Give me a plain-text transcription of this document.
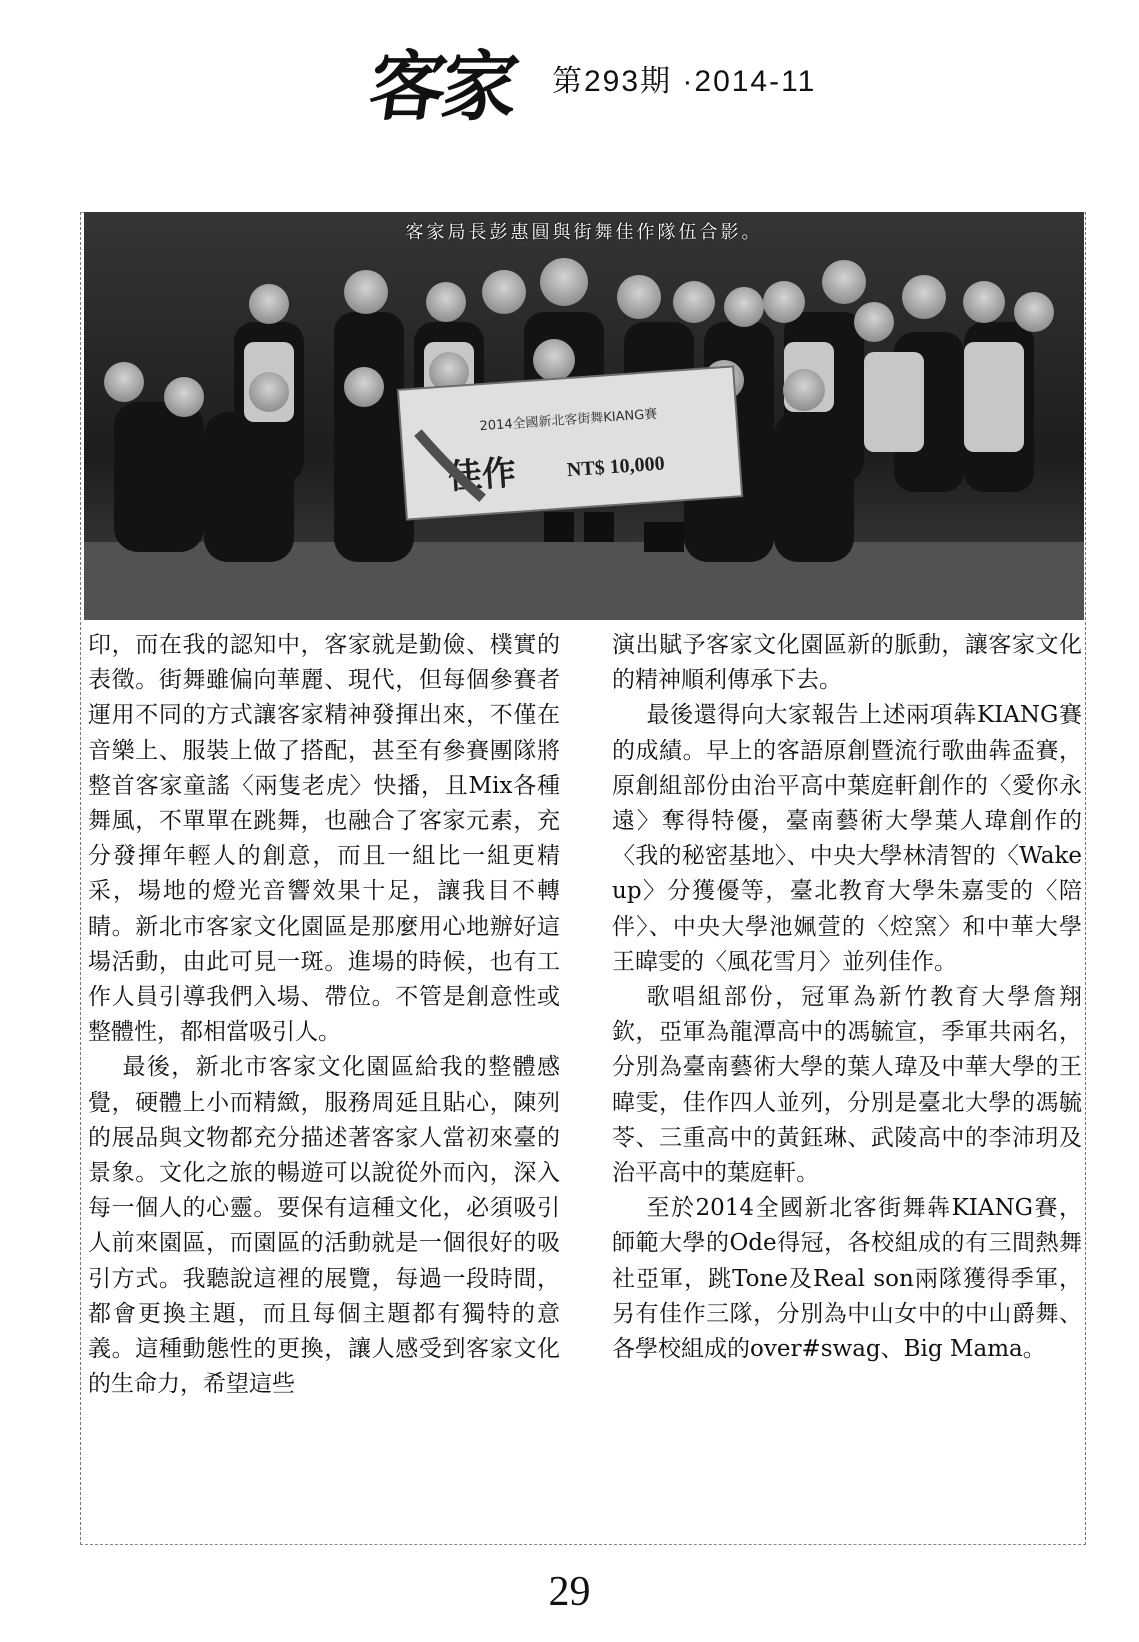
客家 第293期 ·2014-11
2014全國新北客街舞KIANG賽
佳作 NT$ 10,000
客家局長彭惠圓與街舞佳作隊伍合影。

印，而在我的認知中，客家就是勤儉、樸實的表徵。街舞雖偏向華麗、現代，但每個參賽者運用不同的方式讓客家精神發揮出來，不僅在音樂上、服裝上做了搭配，甚至有參賽團隊將整首客家童謠〈兩隻老虎〉快播，且Mix各種舞風，不單單在跳舞，也融合了客家元素，充分發揮年輕人的創意，而且一組比一組更精采，場地的燈光音響效果十足，讓我目不轉睛。新北市客家文化園區是那麼用心地辦好這場活動，由此可見一斑。進場的時候，也有工作人員引導我們入場、帶位。不管是創意性或整體性，都相當吸引人。

最後，新北市客家文化園區給我的整體感覺，硬體上小而精緻，服務周延且貼心，陳列的展品與文物都充分描述著客家人當初來臺的景象。文化之旅的暢遊可以說從外而內，深入每一個人的心靈。要保有這種文化，必須吸引人前來園區，而園區的活動就是一個很好的吸引方式。我聽說這裡的展覽，每過一段時間，都會更換主題，而且每個主題都有獨特的意義。這種動態性的更換，讓人感受到客家文化的生命力，希望這些

演出賦予客家文化園區新的脈動，讓客家文化的精神順利傳承下去。

最後還得向大家報告上述兩項犇KIANG賽的成績。早上的客語原創暨流行歌曲犇盃賽，原創組部份由治平高中葉庭軒創作的〈愛你永遠〉奪得特優，臺南藝術大學葉人瑋創作的〈我的秘密基地〉、中央大學林清智的〈Wake up〉分獲優等，臺北教育大學朱嘉雯的〈陪伴〉、中央大學池姵萱的〈焢窯〉和中華大學王暐雯的〈風花雪月〉並列佳作。

歌唱組部份，冠軍為新竹教育大學詹翔欽，亞軍為龍潭高中的馮毓宣，季軍共兩名，分別為臺南藝術大學的葉人瑋及中華大學的王暐雯，佳作四人並列，分別是臺北大學的馮毓苓、三重高中的黃鈺琳、武陵高中的李沛玥及治平高中的葉庭軒。

至於2014全國新北客街舞犇KIANG賽，師範大學的Ode得冠，各校組成的有三間熱舞社亞軍，跳Tone及Real son兩隊獲得季軍，另有佳作三隊，分別為中山女中的中山爵舞、各學校組成的over#swag、Big Mama。

29
